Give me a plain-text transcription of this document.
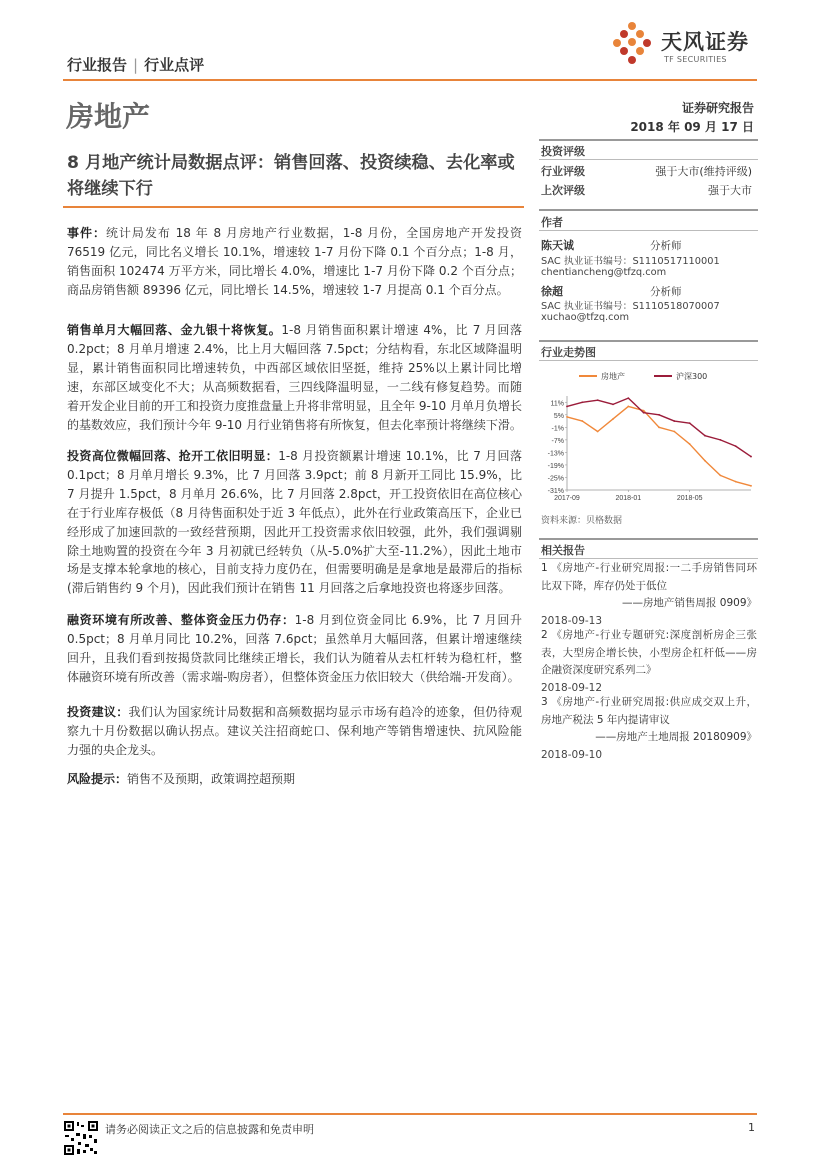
行业报告 | 行业点评
天风证券
TF SECURITIES
房地产	证券研究报告
2018 年 09 月 17 日
8 月地产统计局数据点评：销售回落、投资续稳、去化率或将继续下行
事件：统计局发布 18 年 8 月房地产行业数据，1-8 月份，全国房地产开发投资 76519 亿元，同比名义增长 10.1%，增速较 1-7 月份下降 0.1 个百分点；1-8 月，销售面积 102474 万平方米，同比增长 4.0%，增速比 1-7 月份下降 0.2 个百分点；商品房销售额 89396 亿元，同比增长 14.5%，增速较 1-7 月提高 0.1 个百分点。
销售单月大幅回落、金九银十将恢复。1-8 月销售面积累计增速 4%，比 7 月回落 0.2pct；8 月单月增速 2.4%，比上月大幅回落 7.5pct；分结构看，东北区域降温明显，累计销售面积同比增速转负，中西部区域依旧坚挺，维持 25%以上累计同比增速，东部区域变化不大；从高频数据看，三四线降温明显，一二线有修复趋势。而随着开发企业目前的开工和投资力度推盘量上升将非常明显，且全年 9-10 月单月负增长的基数效应，我们预计今年 9-10 月行业销售将有所恢复，但去化率预计将继续下滑。
投资高位微幅回落、抢开工依旧明显：1-8 月投资额累计增速 10.1%，比 7 月回落 0.1pct；8 月单月增长 9.3%，比 7 月回落 3.9pct；前 8 月新开工同比 15.9%，比 7 月提升 1.5pct，8 月单月 26.6%，比 7 月回落 2.8pct，开工投资依旧在高位核心在于行业库存极低（8 月待售面积处于近 3 年低点），此外在行业政策高压下，企业已经形成了加速回款的一致经营预期，因此开工投资需求依旧较强，此外，我们强调剔除土地购置的投资在今年 3 月初就已经转负（从-5.0%扩大至-11.2%），因此土地市场是支撑本轮拿地的核心，目前支持力度仍在，但需要明确是是拿地是最滞后的指标(滞后销售约 9 个月)，因此我们预计在销售 11 月回落之后拿地投资也将逐步回落。
融资环境有所改善、整体资金压力仍存：1-8 月到位资金同比 6.9%，比 7 月回升 0.5pct；8 月单月同比 10.2%，回落 7.6pct；虽然单月大幅回落，但累计增速继续回升，且我们看到按揭贷款同比继续正增长，我们认为随着从去杠杆转为稳杠杆，整体融资环境有所改善（需求端-购房者），但整体资金压力依旧较大（供给端-开发商）。
投资建议：我们认为国家统计局数据和高频数据均显示市场有趋冷的迹象，但仍待观察九十月份数据以确认拐点。建议关注招商蛇口、保利地产等销售增速快、抗风险能力强的央企龙头。
风险提示：销售不及预期，政策调控超预期
投资评级
行业评级	强于大市(维持评级)
上次评级	强于大市
作者
陈天诚	分析师
SAC 执业证书编号：S1110517110001
chentiancheng@tfzq.com
徐超	分析师
SAC 执业证书编号：S1110518070007
xuchao@tfzq.com
行业走势图
11%
5%
-1%
-7%
-13%
-19%
-25%
-31%
2017-09	2018-01	2018-05
房地产	沪深300
资料来源：贝格数据
相关报告
1 《房地产-行业研究周报:一二手房销售同环比双下降，库存仍处于低位
——房地产销售周报 0909》
2018-09-13
2 《房地产-行业专题研究:深度剖析房企三张表，大型房企增长快，小型房企杠杆低——房企融资深度研究系列二》
2018-09-12
3 《房地产-行业研究周报:供应成交双上升，房地产税法 5 年内提请审议
——房地产土地周报 20180909》
2018-09-10
请务必阅读正文之后的信息披露和免责申明	1
